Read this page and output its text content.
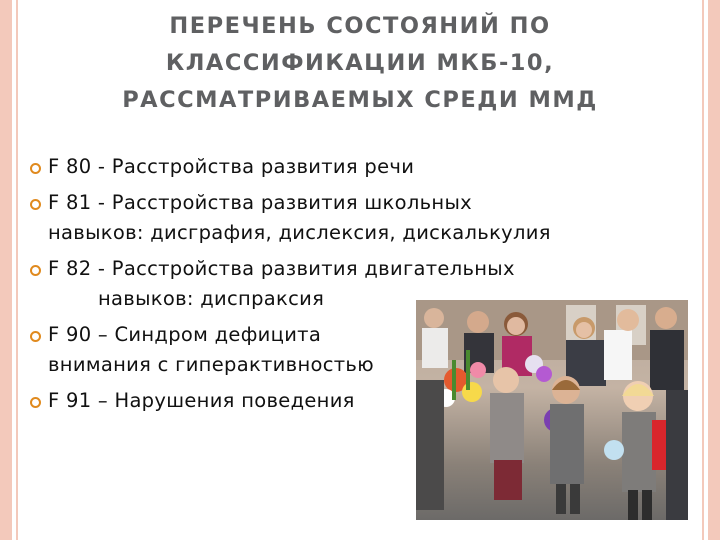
ПЕРЕЧЕНЬ СОСТОЯНИЙ ПО
КЛАССИФИКАЦИИ МКБ-10,
РАССМАТРИВАЕМЫХ СРЕДИ ММД
F 80 - Расстройства развития речи
F 81 - Расстройства развития школьных
навыков: дисграфия, дислексия, дискалькулия
F 82 - Расстройства развития двигательных
навыков: диспраксия
F 90 – Синдром дефицита
внимания с гиперактивностью
F 91 – Нарушения поведения
